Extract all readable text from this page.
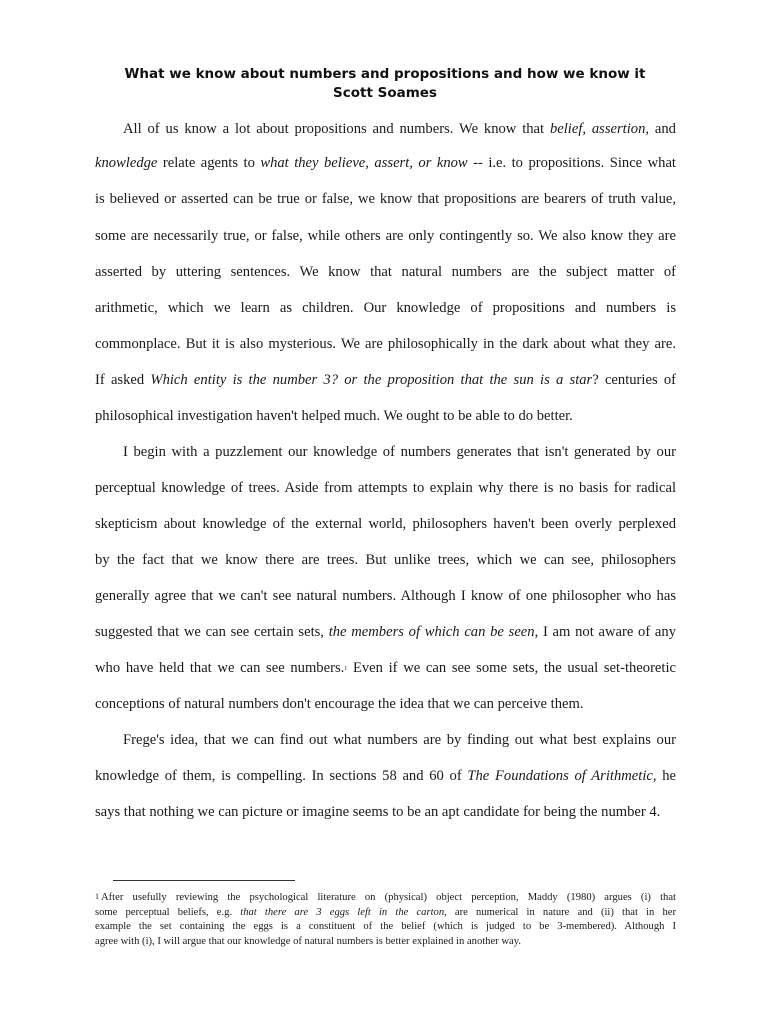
What we know about numbers and propositions and how we know it
Scott Soames
All of us know a lot about propositions and numbers. We know that belief, assertion, and
knowledge relate agents to what they believe, assert, or know -- i.e. to propositions. Since what
is believed or asserted can be true or false, we know that propositions are bearers of truth value,
some are necessarily true, or false, while others are only contingently so. We also know they are
asserted by uttering sentences. We know that natural numbers are the subject matter of
arithmetic, which we learn as children. Our knowledge of propositions and numbers is
commonplace. But it is also mysterious. We are philosophically in the dark about what they are.
If asked Which entity is the number 3? or the proposition that the sun is a star? centuries of
philosophical investigation haven't helped much. We ought to be able to do better.
I begin with a puzzlement our knowledge of numbers generates that isn't generated by our
perceptual knowledge of trees. Aside from attempts to explain why there is no basis for radical
skepticism about knowledge of the external world, philosophers haven't been overly perplexed
by the fact that we know there are trees. But unlike trees, which we can see, philosophers
generally agree that we can't see natural numbers. Although I know of one philosopher who has
suggested that we can see certain sets, the members of which can be seen, I am not aware of any
who have held that we can see numbers.$^1$ Even if we can see some sets, the usual set-theoretic
conceptions of natural numbers don't encourage the idea that we can perceive them.
Frege's idea, that we can find out what numbers are by finding out what best explains our
knowledge of them, is compelling. In sections 58 and 60 of The Foundations of Arithmetic, he
says that nothing we can picture or imagine seems to be an apt candidate for being the number 4.
$^1$ After usefully reviewing the psychological literature on (physical) object perception, Maddy (1980) argues (i) that
some perceptual beliefs, e.g. that there are 3 eggs left in the carton, are numerical in nature and (ii) that in her
example the set containing the eggs is a constituent of the belief (which is judged to be 3-membered). Although I
agree with (i), I will argue that our knowledge of natural numbers is better explained in another way.
